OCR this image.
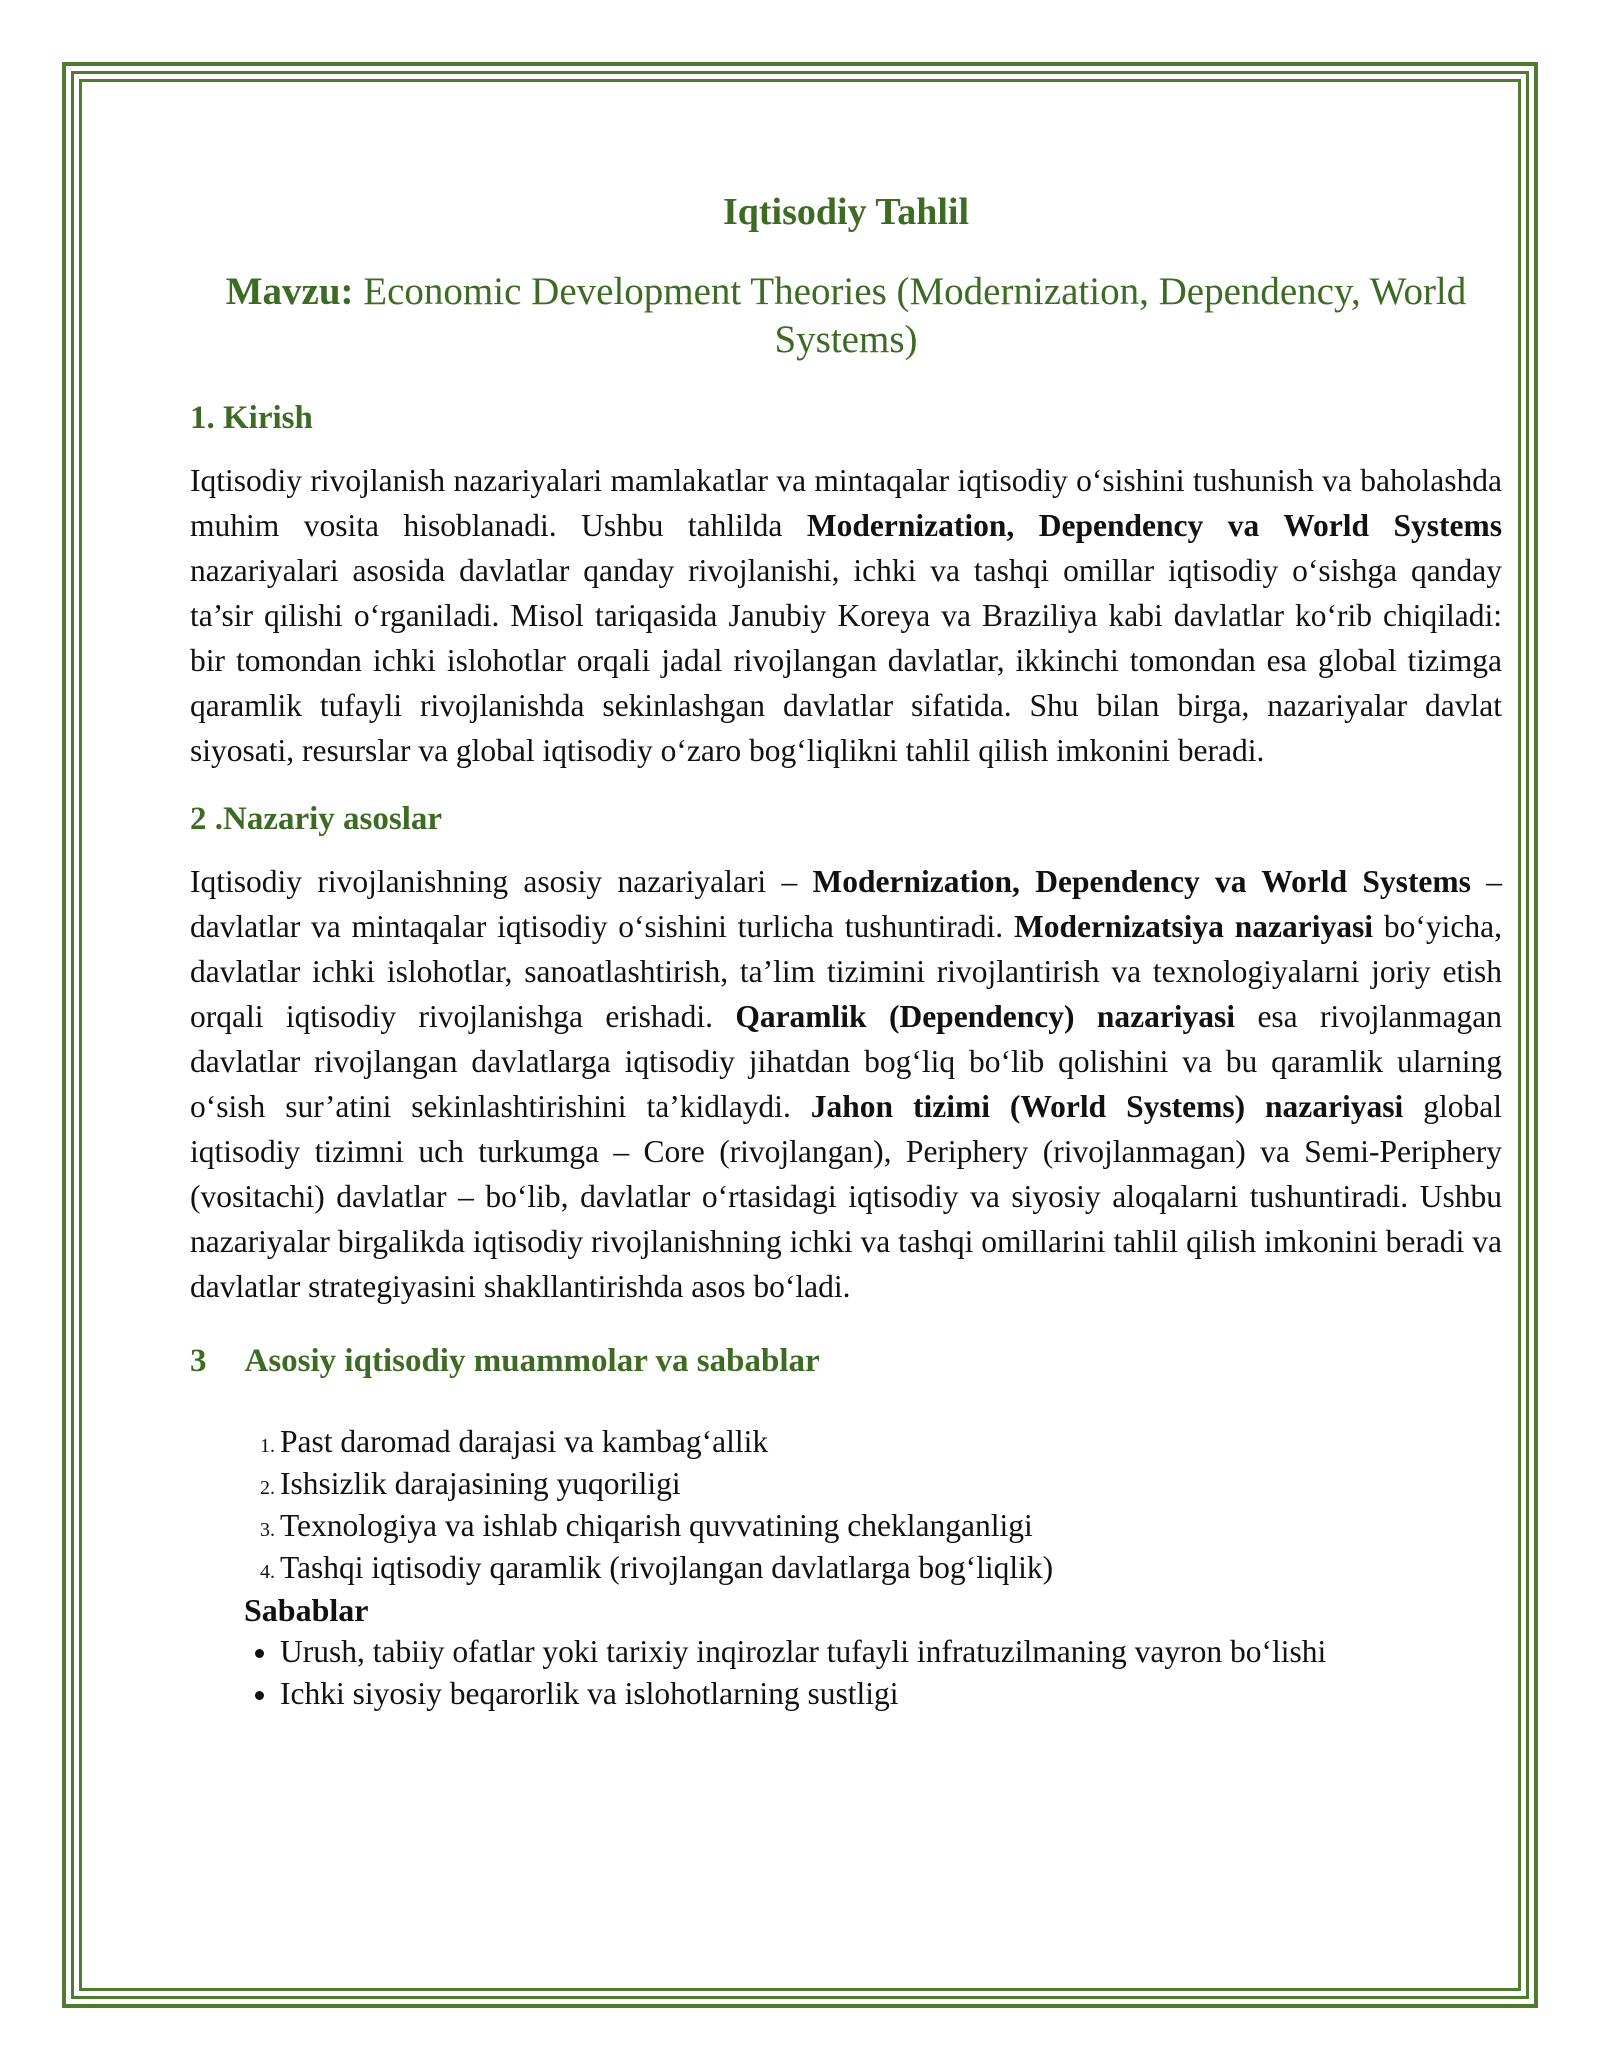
Iqtisodiy Tahlil
Mavzu: Economic Development Theories (Modernization, Dependency, World Systems)
1. Kirish

Iqtisodiy rivojlanish nazariyalari mamlakatlar va mintaqalar iqtisodiy o‘sishini tushunish va baholashda muhim vosita hisoblanadi. Ushbu tahlilda Modernization, Dependency va World Systems nazariyalari asosida davlatlar qanday rivojlanishi, ichki va tashqi omillar iqtisodiy o‘sishga qanday ta’sir qilishi o‘rganiladi. Misol tariqasida Janubiy Koreya va Braziliya kabi davlatlar ko‘rib chiqiladi: bir tomondan ichki islohotlar orqali jadal rivojlangan davlatlar, ikkinchi tomondan esa global tizimga qaramlik tufayli rivojlanishda sekinlashgan davlatlar sifatida. Shu bilan birga, nazariyalar davlat siyosati, resurslar va global iqtisodiy o‘zaro bog‘liqlikni tahlil qilish imkonini beradi.

2 .Nazariy asoslar

Iqtisodiy rivojlanishning asosiy nazariyalari – Modernization, Dependency va World Systems – davlatlar va mintaqalar iqtisodiy o‘sishini turlicha tushuntiradi. Modernizatsiya nazariyasi bo‘yicha, davlatlar ichki islohotlar, sanoatlashtirish, ta’lim tizimini rivojlantirish va texnologiyalarni joriy etish orqali iqtisodiy rivojlanishga erishadi. Qaramlik (Dependency) nazariyasi esa rivojlanmagan davlatlar rivojlangan davlatlarga iqtisodiy jihatdan bog‘liq bo‘lib qolishini va bu qaramlik ularning o‘sish sur’atini sekinlashtirishini ta’kidlaydi. Jahon tizimi (World Systems) nazariyasi global iqtisodiy tizimni uch turkumga – Core (rivojlangan), Periphery (rivojlanmagan) va Semi-Periphery (vositachi) davlatlar – bo‘lib, davlatlar o‘rtasidagi iqtisodiy va siyosiy aloqalarni tushuntiradi. Ushbu nazariyalar birgalikda iqtisodiy rivojlanishning ichki va tashqi omillarini tahlil qilish imkonini beradi va davlatlar strategiyasini shakllantirishda asos bo‘ladi.

3 Asosiy iqtisodiy muammolar va sabablar
1. Past daromad darajasi va kambag‘allik
2. Ishsizlik darajasining yuqoriligi
3. Texnologiya va ishlab chiqarish quvvatining cheklanganligi
4. Tashqi iqtisodiy qaramlik (rivojlangan davlatlarga bog‘liqlik)
Sabablar
• Urush, tabiiy ofatlar yoki tarixiy inqirozlar tufayli infratuzilmaning vayron bo‘lishi
• Ichki siyosiy beqarorlik va islohotlarning sustligi
